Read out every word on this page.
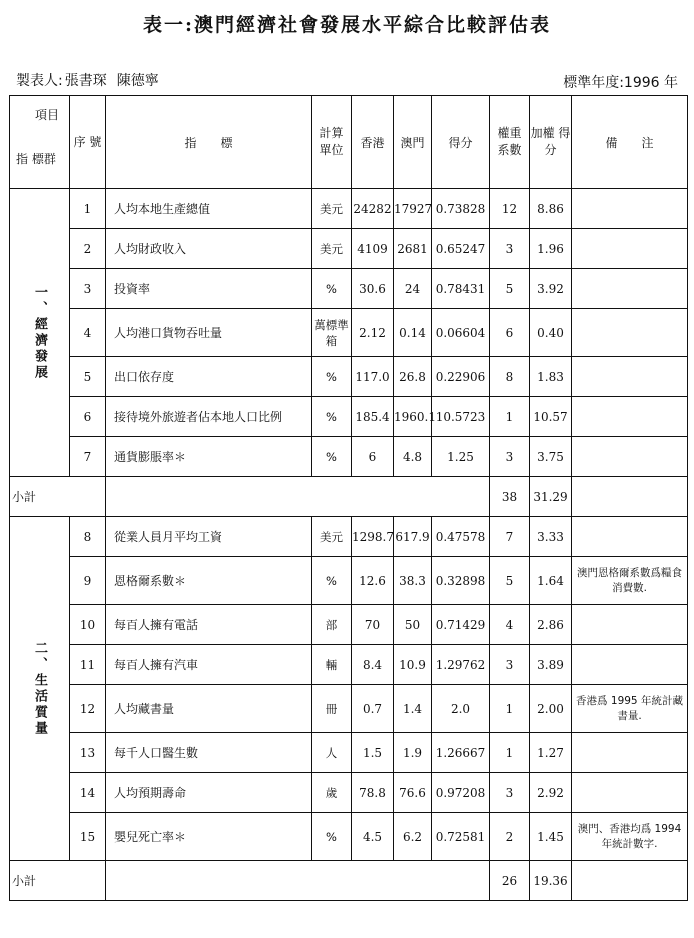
表一:澳門經濟社會發展水平綜合比較評估表
製表人: 張書琛 陳德寧	標準年度:1996 年
項目
指 標群	序 號	指　　標	計算 單位	香港	澳門	得分	權重 系數	加權 得分	備　　注

一、經濟發展	1	人均本地生產總值	美元	24282	17927	0.73828	12	8.86	
	2	人均財政收入	美元	4109	2681	0.65247	3	1.96	
	3	投資率	%	30.6	24	0.78431	5	3.92	
	4	人均港口貨物吞吐量	萬標準箱	2.12	0.14	0.06604	6	0.40	
	5	出口依存度	%	117.0	26.8	0.22906	8	1.83	
	6	接待境外旅遊者佔本地人口比例	%	185.4	1960.1	10.5723	1	10.57	
	7	通貨膨脹率＊	%	6	4.8	1.25	3	3.75	
小計							38	31.29	

二、生活質量	8	從業人員月平均工資	美元	1298.7	617.9	0.47578	7	3.33	
	9	恩格爾系數＊	%	12.6	38.3	0.32898	5	1.64	澳門恩格爾系數爲糧食消費數.
	10	每百人擁有電話	部	70	50	0.71429	4	2.86	
	11	每百人擁有汽車	輛	8.4	10.9	1.29762	3	3.89	
	12	人均藏書量	冊	0.7	1.4	2.0	1	2.00	香港爲 1995 年統計藏書量.
	13	每千人口醫生數	人	1.5	1.9	1.26667	1	1.27	
	14	人均預期壽命	歲	78.8	76.6	0.97208	3	2.92	
	15	嬰兒死亡率＊	%	4.5	6.2	0.72581	2	1.45	澳門、香港均爲 1994 年統計數字.
小計							26	19.36	
